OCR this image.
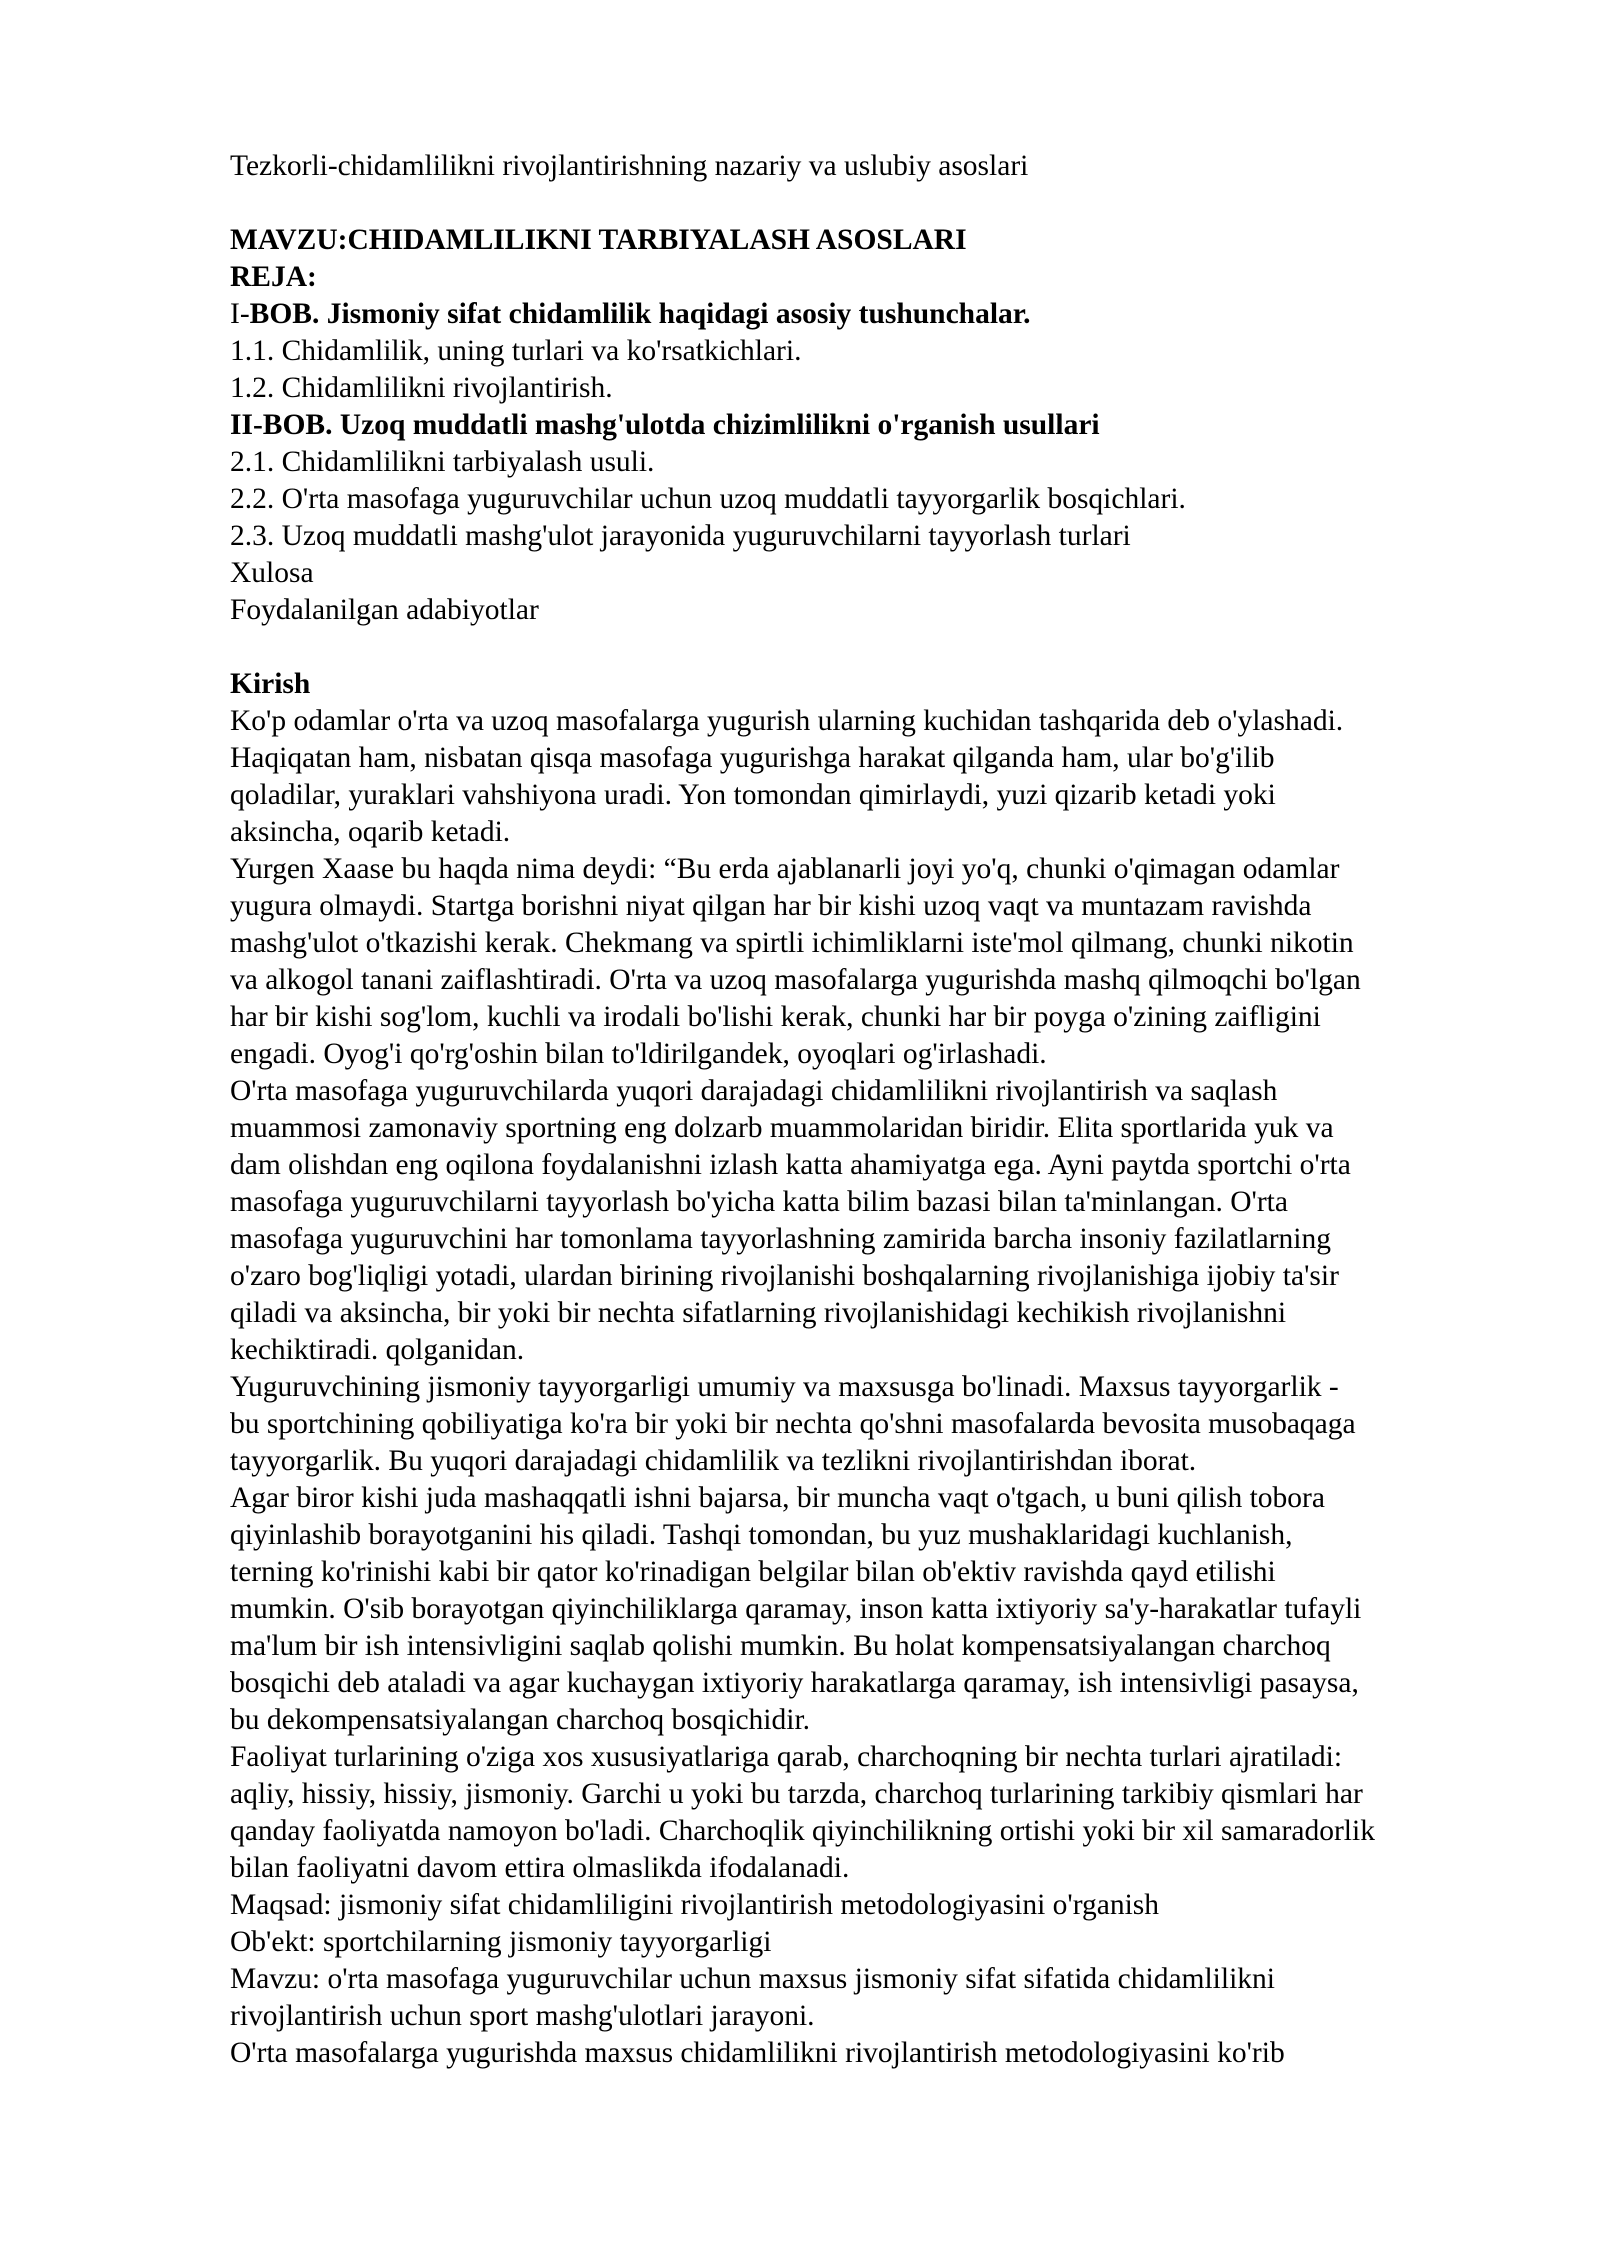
Tezkorli-chidamlilikni rivojlantirishning nazariy va uslubiy asoslari
MAVZU:CHIDAMLILIKNI TARBIYALASH ASOSLARI
REJA:
I-BOB. Jismoniy sifat chidamlilik haqidagi asosiy tushunchalar.
1.1. Chidamlilik, uning turlari va ko'rsatkichlari.
1.2. Chidamlilikni rivojlantirish.
II-BOB. Uzoq muddatli mashg'ulotda chizimlilikni o'rganish usullari
2.1. Chidamlilikni tarbiyalash usuli.
2.2. O'rta masofaga yuguruvchilar uchun uzoq muddatli tayyorgarlik bosqichlari.
2.3. Uzoq muddatli mashg'ulot jarayonida yuguruvchilarni tayyorlash turlari
Xulosa
Foydalanilgan adabiyotlar
Kirish
Ko'p odamlar o'rta va uzoq masofalarga yugurish ularning kuchidan tashqarida deb o'ylashadi.
Haqiqatan ham, nisbatan qisqa masofaga yugurishga harakat qilganda ham, ular bo'g'ilib
qoladilar, yuraklari vahshiyona uradi. Yon tomondan qimirlaydi, yuzi qizarib ketadi yoki
aksincha, oqarib ketadi.
Yurgen Xaase bu haqda nima deydi: “Bu erda ajablanarli joyi yo'q, chunki o'qimagan odamlar
yugura olmaydi. Startga borishni niyat qilgan har bir kishi uzoq vaqt va muntazam ravishda
mashg'ulot o'tkazishi kerak. Chekmang va spirtli ichimliklarni iste'mol qilmang, chunki nikotin
va alkogol tanani zaiflashtiradi. O'rta va uzoq masofalarga yugurishda mashq qilmoqchi bo'lgan
har bir kishi sog'lom, kuchli va irodali bo'lishi kerak, chunki har bir poyga o'zining zaifligini
engadi. Oyog'i qo'rg'oshin bilan to'ldirilgandek, oyoqlari og'irlashadi.
O'rta masofaga yuguruvchilarda yuqori darajadagi chidamlilikni rivojlantirish va saqlash
muammosi zamonaviy sportning eng dolzarb muammolaridan biridir. Elita sportlarida yuk va
dam olishdan eng oqilona foydalanishni izlash katta ahamiyatga ega. Ayni paytda sportchi o'rta
masofaga yuguruvchilarni tayyorlash bo'yicha katta bilim bazasi bilan ta'minlangan. O'rta
masofaga yuguruvchini har tomonlama tayyorlashning zamirida barcha insoniy fazilatlarning
o'zaro bog'liqligi yotadi, ulardan birining rivojlanishi boshqalarning rivojlanishiga ijobiy ta'sir
qiladi va aksincha, bir yoki bir nechta sifatlarning rivojlanishidagi kechikish rivojlanishni
kechiktiradi. qolganidan.
Yuguruvchining jismoniy tayyorgarligi umumiy va maxsusga bo'linadi. Maxsus tayyorgarlik -
bu sportchining qobiliyatiga ko'ra bir yoki bir nechta qo'shni masofalarda bevosita musobaqaga
tayyorgarlik. Bu yuqori darajadagi chidamlilik va tezlikni rivojlantirishdan iborat.
Agar biror kishi juda mashaqqatli ishni bajarsa, bir muncha vaqt o'tgach, u buni qilish tobora
qiyinlashib borayotganini his qiladi. Tashqi tomondan, bu yuz mushaklaridagi kuchlanish,
terning ko'rinishi kabi bir qator ko'rinadigan belgilar bilan ob'ektiv ravishda qayd etilishi
mumkin. O'sib borayotgan qiyinchiliklarga qaramay, inson katta ixtiyoriy sa'y-harakatlar tufayli
ma'lum bir ish intensivligini saqlab qolishi mumkin. Bu holat kompensatsiyalangan charchoq
bosqichi deb ataladi va agar kuchaygan ixtiyoriy harakatlarga qaramay, ish intensivligi pasaysa,
bu dekompensatsiyalangan charchoq bosqichidir.
Faoliyat turlarining o'ziga xos xususiyatlariga qarab, charchoqning bir nechta turlari ajratiladi:
aqliy, hissiy, hissiy, jismoniy. Garchi u yoki bu tarzda, charchoq turlarining tarkibiy qismlari har
qanday faoliyatda namoyon bo'ladi. Charchoqlik qiyinchilikning ortishi yoki bir xil samaradorlik
bilan faoliyatni davom ettira olmaslikda ifodalanadi.
Maqsad: jismoniy sifat chidamliligini rivojlantirish metodologiyasini o'rganish
Ob'ekt: sportchilarning jismoniy tayyorgarligi
Mavzu: o'rta masofaga yuguruvchilar uchun maxsus jismoniy sifat sifatida chidamlilikni
rivojlantirish uchun sport mashg'ulotlari jarayoni.
O'rta masofalarga yugurishda maxsus chidamlilikni rivojlantirish metodologiyasini ko'rib
